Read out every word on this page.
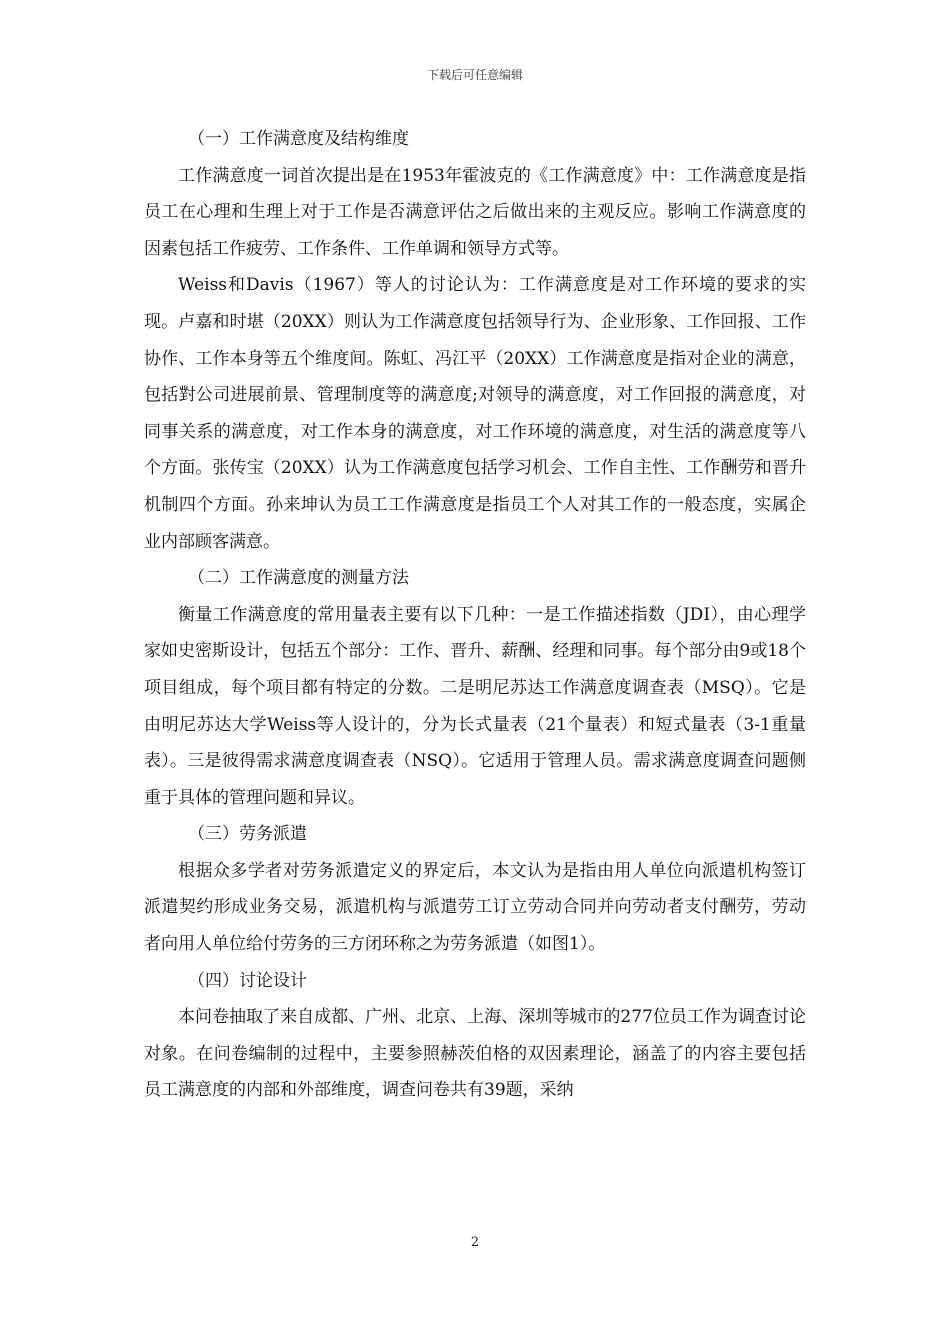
下载后可任意编辑

（一）工作满意度及结构维度

工作满意度一词首次提出是在1953年霍波克的《工作满意度》中：工作满意度是指员工在心理和生理上对于工作是否满意评估之后做出来的主观反应。影响工作满意度的因素包括工作疲劳、工作条件、工作单调和领导方式等。

Weiss和Davis（1967）等人的讨论认为：工作满意度是对工作环境的要求的实现。卢嘉和时堪（20XX）则认为工作满意度包括领导行为、企业形象、工作回报、工作协作、工作本身等五个维度间。陈虹、冯江平（20XX）工作满意度是指对企业的满意，包括對公司进展前景、管理制度等的满意度;对领导的满意度，对工作回报的满意度，对同事关系的满意度，对工作本身的满意度，对工作环境的满意度，对生活的满意度等八个方面。张传宝（20XX）认为工作满意度包括学习机会、工作自主性、工作酬劳和晋升机制四个方面。孙来坤认为员工工作满意度是指员工个人对其工作的一般态度，实属企业内部顾客满意。

（二）工作满意度的测量方法

衡量工作满意度的常用量表主要有以下几种：一是工作描述指数（JDI），由心理学家如史密斯设计，包括五个部分：工作、晋升、薪酬、经理和同事。每个部分由9或18个项目组成，每个项目都有特定的分数。二是明尼苏达工作满意度调查表（MSQ）。它是由明尼苏达大学Weiss等人设计的，分为长式量表（21个量表）和短式量表（3-1重量表）。三是彼得需求满意度调查表（NSQ）。它适用于管理人员。需求满意度调查问题侧重于具体的管理问题和异议。

（三）劳务派遣

根据众多学者对劳务派遣定义的界定后，本文认为是指由用人单位向派遣机构签订派遣契约形成业务交易，派遣机构与派遣劳工订立劳动合同并向劳动者支付酬劳，劳动者向用人单位给付劳务的三方闭环称之为劳务派遣（如图1）。

（四）讨论设计

本问卷抽取了来自成都、广州、北京、上海、深圳等城市的277位员工作为调查讨论对象。在问卷编制的过程中，主要参照赫茨伯格的双因素理论，涵盖了的内容主要包括员工满意度的内部和外部维度，调查问卷共有39题，采纳

2
